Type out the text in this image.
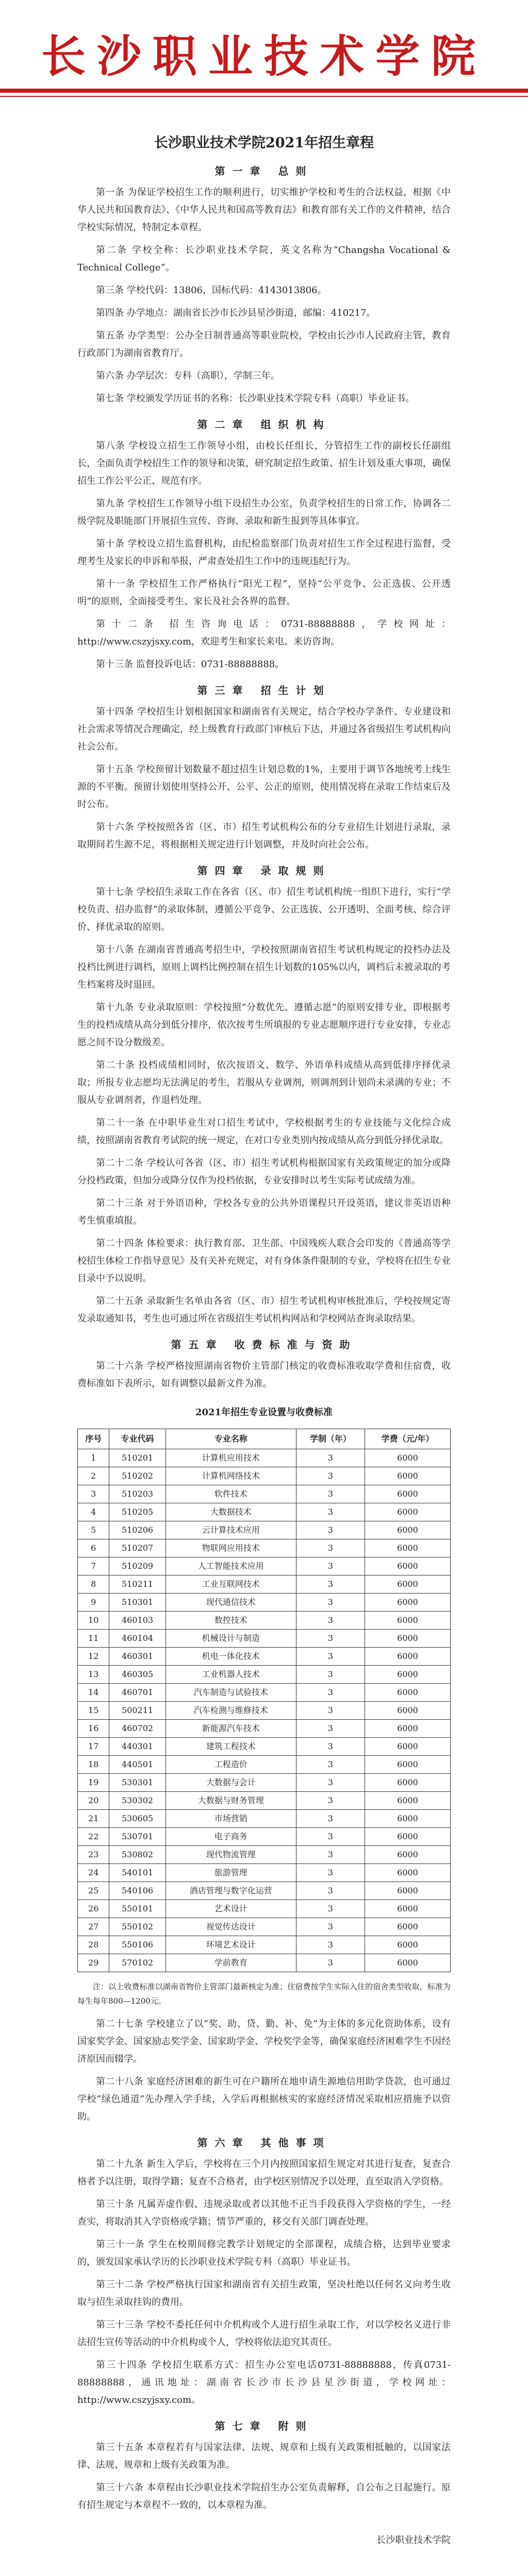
长沙职业技术学院
长沙职业技术学院2021年招生章程
第一章 总则

第一条 为保证学校招生工作的顺利进行，切实维护学校和考生的合法权益，根据《中华人民共和国教育法》、《中华人民共和国高等教育法》和教育部有关工作的文件精神，结合学校实际情况，特制定本章程。

第二条 学校全称：长沙职业技术学院，英文名称为“Changsha Vocational & Technical College”。

第三条 学校代码：13806，国标代码：4143013806。

第四条 办学地点：湖南省长沙市长沙县星沙街道，邮编：410217。

第五条 办学类型：公办全日制普通高等职业院校，学校由长沙市人民政府主管，教育行政部门为湖南省教育厅。

第六条 办学层次：专科（高职），学制三年。

第七条 学校颁发学历证书的名称：长沙职业技术学院专科（高职）毕业证书。

第二章 组织机构

第八条 学校设立招生工作领导小组，由校长任组长，分管招生工作的副校长任副组长，全面负责学校招生工作的领导和决策，研究制定招生政策、招生计划及重大事项，确保招生工作公平公正、规范有序。

第九条 学校招生工作领导小组下设招生办公室，负责学校招生的日常工作，协调各二级学院及职能部门开展招生宣传、咨询、录取和新生报到等具体事宜。

第十条 学校设立招生监督机构，由纪检监察部门负责对招生工作全过程进行监督，受理考生及家长的申诉和举报，严肃查处招生工作中的违规违纪行为。

第十一条 学校招生工作严格执行“阳光工程”，坚持“公平竞争、公正选拔、公开透明”的原则，全面接受考生、家长及社会各界的监督。

第十二条 招生咨询电话：0731-88888888，学校网址：http://www.cszyjsxy.com，欢迎考生和家长来电、来访咨询。

第十三条 监督投诉电话：0731-88888888。

第三章 招生计划

第十四条 学校招生计划根据国家和湖南省有关规定，结合学校办学条件、专业建设和社会需求等情况合理确定，经上级教育行政部门审核后下达，并通过各省级招生考试机构向社会公布。

第十五条 学校预留计划数量不超过招生计划总数的1%，主要用于调节各地统考上线生源的不平衡。预留计划使用坚持公开、公平、公正的原则，使用情况将在录取工作结束后及时公布。

第十六条 学校按照各省（区、市）招生考试机构公布的分专业招生计划进行录取，录取期间若生源不足，将根据相关规定进行计划调整，并及时向社会公布。

第四章 录取规则

第十七条 学校招生录取工作在各省（区、市）招生考试机构统一组织下进行，实行“学校负责、招办监督”的录取体制，遵循公平竞争、公正选拔、公开透明、全面考核、综合评价、择优录取的原则。

第十八条 在湖南省普通高考招生中，学校按照湖南省招生考试机构规定的投档办法及投档比例进行调档，原则上调档比例控制在招生计划数的105%以内，调档后未被录取的考生档案将及时退回。

第十九条 专业录取原则：学校按照“分数优先、遵循志愿”的原则安排专业，即根据考生的投档成绩从高分到低分排序，依次按考生所填报的专业志愿顺序进行专业安排，专业志愿之间不设分数级差。

第二十条 投档成绩相同时，依次按语文、数学、外语单科成绩从高到低排序择优录取；所报专业志愿均无法满足的考生，若服从专业调剂，则调剂到计划尚未录满的专业；不服从专业调剂者，作退档处理。

第二十一条 在中职毕业生对口招生考试中，学校根据考生的专业技能与文化综合成绩，按照湖南省教育考试院的统一规定，在对口专业类别内按成绩从高分到低分择优录取。

第二十二条 学校认可各省（区、市）招生考试机构根据国家有关政策规定的加分或降分投档政策，但加分或降分仅作为投档依据，专业安排时以考生实际考试成绩为准。

第二十三条 对于外语语种，学校各专业的公共外语课程只开设英语，建议非英语语种考生慎重填报。

第二十四条 体检要求：执行教育部、卫生部、中国残疾人联合会印发的《普通高等学校招生体检工作指导意见》及有关补充规定，对有身体条件限制的专业，学校将在招生专业目录中予以说明。

第二十五条 录取新生名单由各省（区、市）招生考试机构审核批准后，学校按规定寄发录取通知书，考生也可通过所在省级招生考试机构网站和学校网站查询录取结果。

第五章 收费标准与资助

第二十六条 学校严格按照湖南省物价主管部门核定的收费标准收取学费和住宿费，收费标准如下表所示，如有调整以最新文件为准。

2021年招生专业设置与收费标准
序号	专业代码	专业名称	学制（年）	学费（元/年）
1	510201	计算机应用技术	3	6000
2	510202	计算机网络技术	3	6000
3	510203	软件技术	3	6000
4	510205	大数据技术	3	6000
5	510206	云计算技术应用	3	6000
6	510207	物联网应用技术	3	6000
7	510209	人工智能技术应用	3	6000
8	510211	工业互联网技术	3	6000
9	510301	现代通信技术	3	6000
10	460103	数控技术	3	6000
11	460104	机械设计与制造	3	6000
12	460301	机电一体化技术	3	6000
13	460305	工业机器人技术	3	6000
14	460701	汽车制造与试验技术	3	6000
15	500211	汽车检测与维修技术	3	6000
16	460702	新能源汽车技术	3	6000
17	440301	建筑工程技术	3	6000
18	440501	工程造价	3	6000
19	530301	大数据与会计	3	6000
20	530302	大数据与财务管理	3	6000
21	530605	市场营销	3	6000
22	530701	电子商务	3	6000
23	530802	现代物流管理	3	6000
24	540101	旅游管理	3	6000
25	540106	酒店管理与数字化运营	3	6000
26	550101	艺术设计	3	6000
27	550102	视觉传达设计	3	6000
28	550106	环境艺术设计	3	6000
29	570102	学前教育	3	6000

注：以上收费标准以湖南省物价主管部门最新核定为准；住宿费按学生实际入住的宿舍类型收取，标准为每生每年800—1200元。

第二十七条 学校建立了以“奖、助、贷、勤、补、免”为主体的多元化资助体系，设有国家奖学金、国家励志奖学金、国家助学金、学校奖学金等，确保家庭经济困难学生不因经济原因而辍学。

第二十八条 家庭经济困难的新生可在户籍所在地申请生源地信用助学贷款，也可通过学校“绿色通道”先办理入学手续，入学后再根据核实的家庭经济情况采取相应措施予以资助。

第六章 其他事项

第二十九条 新生入学后，学校将在三个月内按照国家招生规定对其进行复查，复查合格者予以注册，取得学籍；复查不合格者，由学校区别情况予以处理，直至取消入学资格。

第三十条 凡属弄虚作假、违规录取或者以其他不正当手段获得入学资格的学生，一经查实，将取消其入学资格或学籍；情节严重的，移交有关部门调查处理。

第三十一条 学生在校期间修完教学计划规定的全部课程，成绩合格，达到毕业要求的，颁发国家承认学历的长沙职业技术学院专科（高职）毕业证书。

第三十二条 学校严格执行国家和湖南省有关招生政策，坚决杜绝以任何名义向考生收取与招生录取挂钩的费用。

第三十三条 学校不委托任何中介机构或个人进行招生录取工作，对以学校名义进行非法招生宣传等活动的中介机构或个人，学校将依法追究其责任。

第三十四条 学校招生联系方式：招生办公室电话0731-88888888，传真0731-88888888，通讯地址：湖南省长沙市长沙县星沙街道，学校网址：http://www.cszyjsxy.com。

第七章 附则

第三十五条 本章程若有与国家法律、法规、规章和上级有关政策相抵触的，以国家法律、法规、规章和上级有关政策为准。

第三十六条 本章程由长沙职业技术学院招生办公室负责解释，自公布之日起施行。原有招生规定与本章程不一致的，以本章程为准。

长沙职业技术学院
